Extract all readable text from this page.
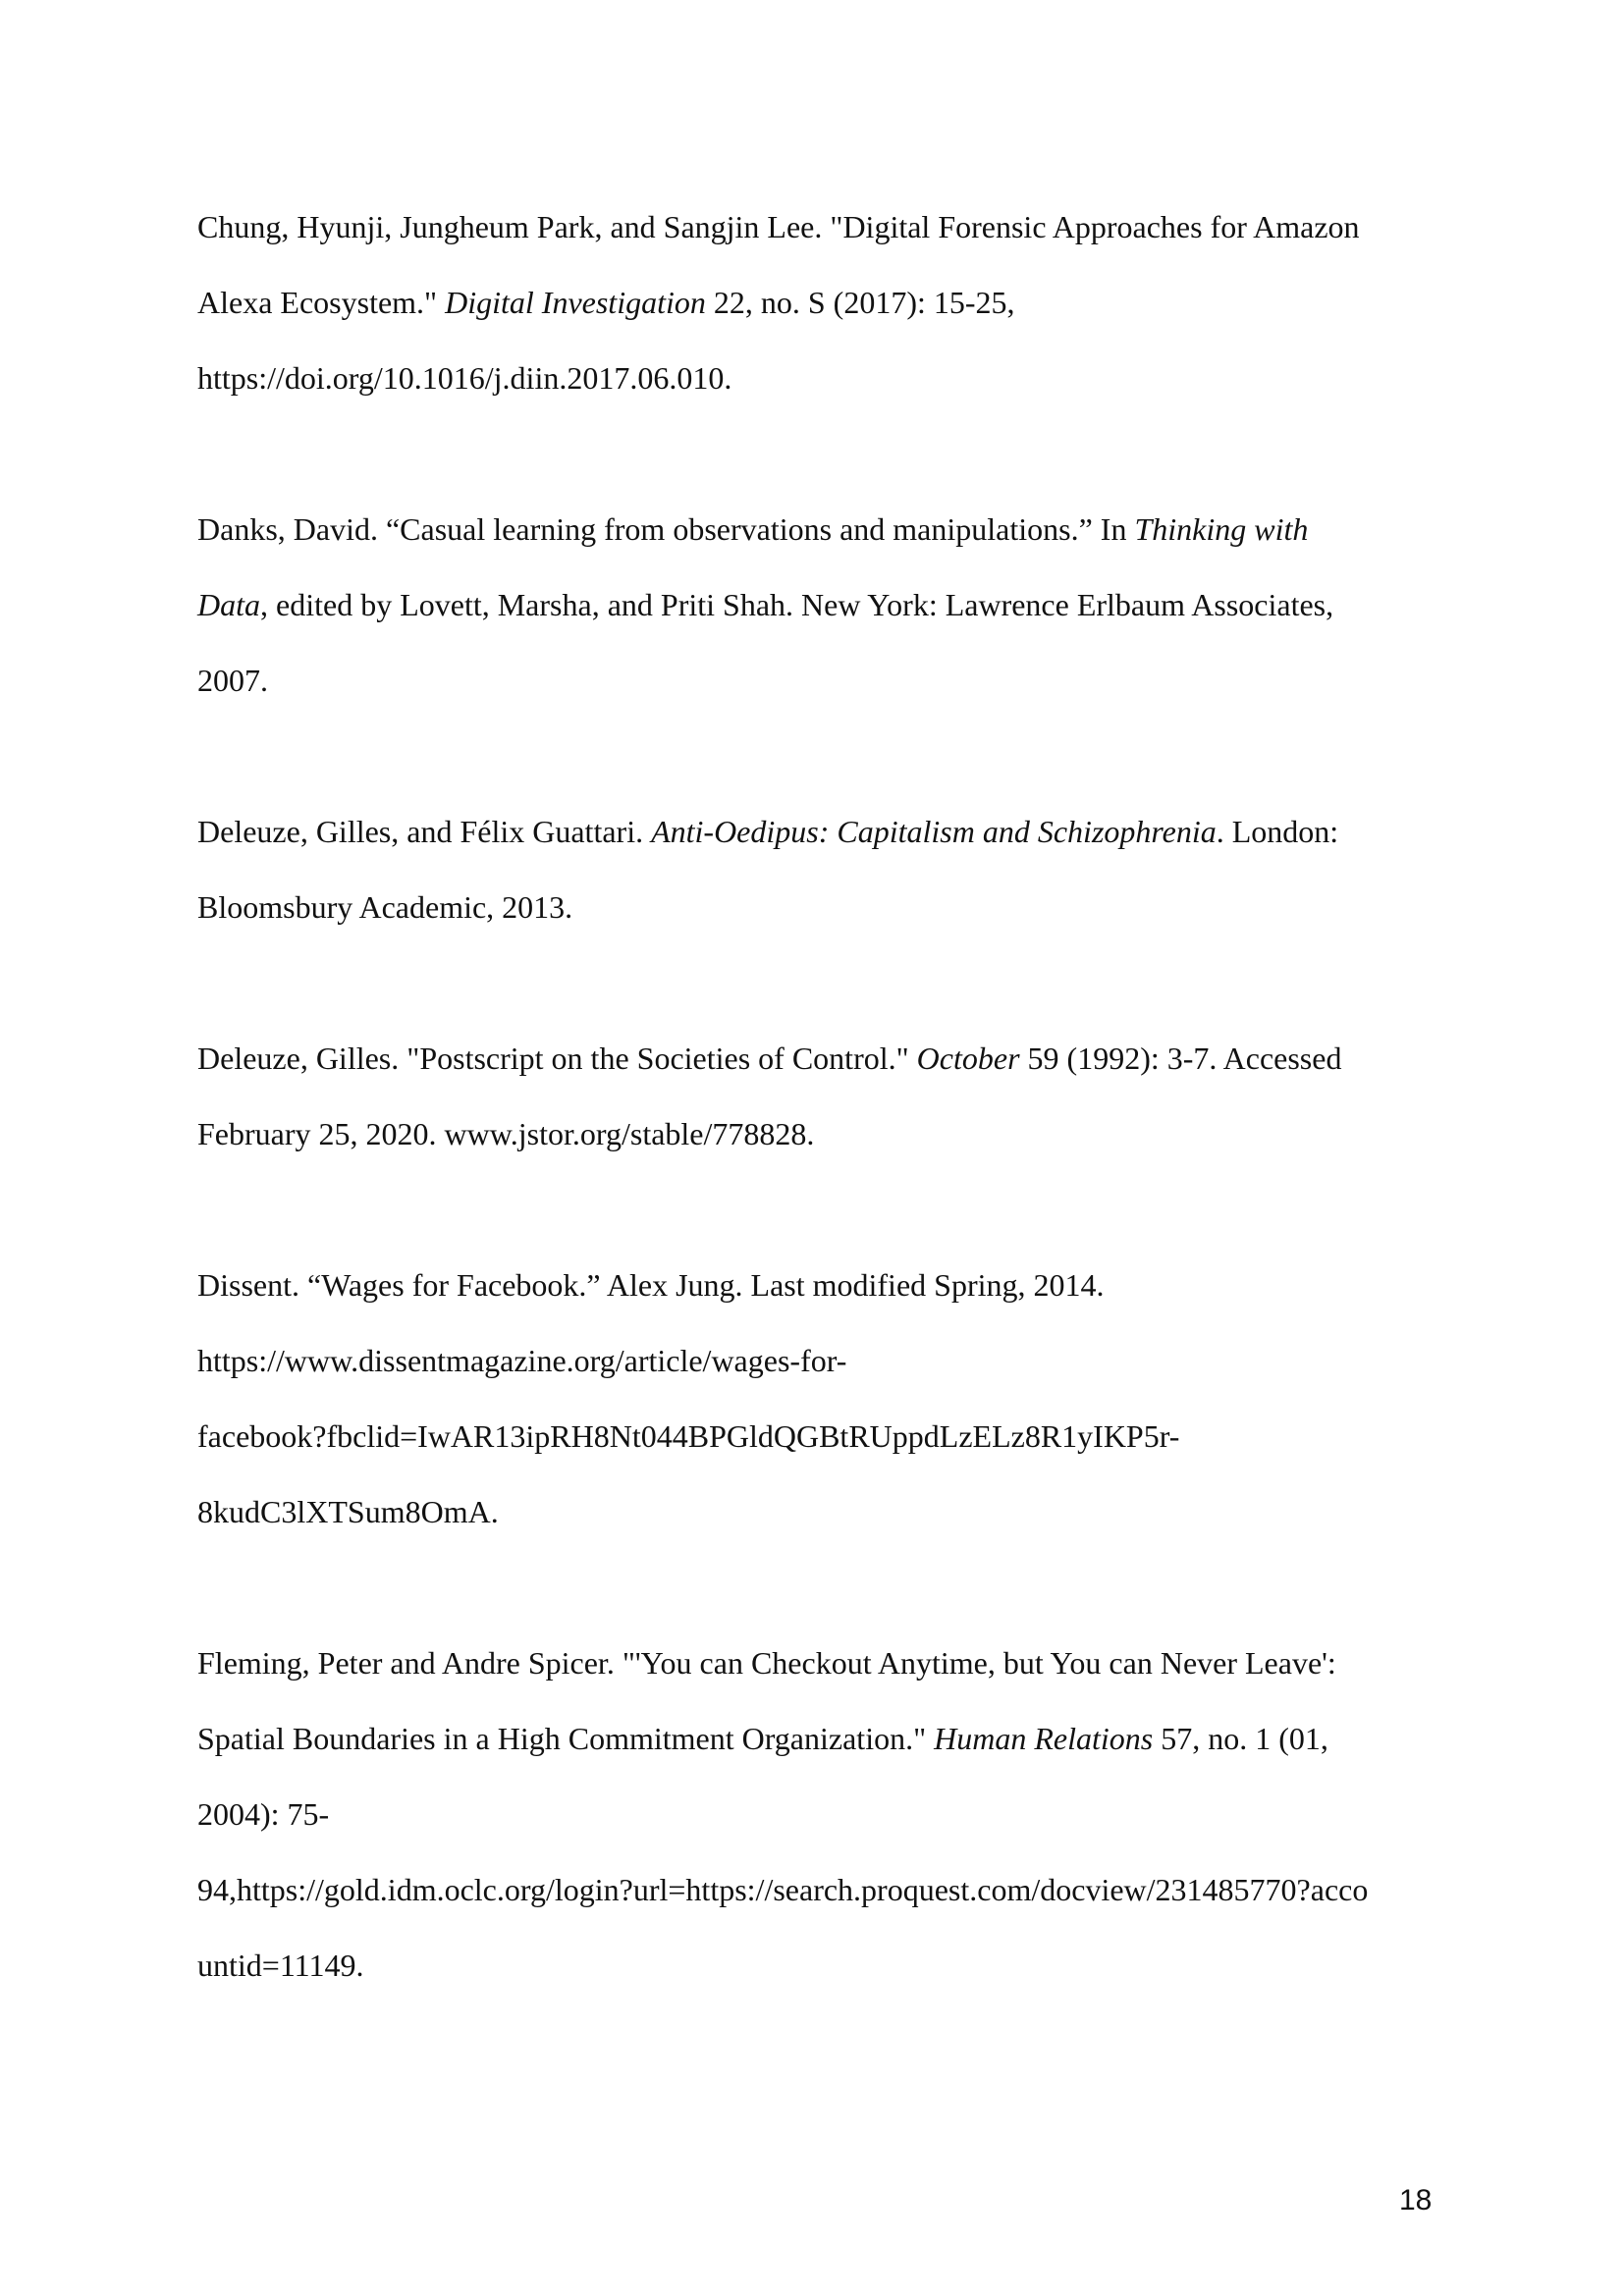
Chung, Hyunji, Jungheum Park, and Sangjin Lee. "Digital Forensic Approaches for Amazon
Alexa Ecosystem." Digital Investigation 22, no. S (2017): 15-25,
https://doi.org/10.1016/j.diin.2017.06.010.
Danks, David. “Casual learning from observations and manipulations.” In Thinking with
Data, edited by Lovett, Marsha, and Priti Shah. New York: Lawrence Erlbaum Associates,
2007.
Deleuze, Gilles, and Félix Guattari. Anti-Oedipus: Capitalism and Schizophrenia. London:
Bloomsbury Academic, 2013.
Deleuze, Gilles. "Postscript on the Societies of Control." October 59 (1992): 3-7. Accessed
February 25, 2020. www.jstor.org/stable/778828.
Dissent. “Wages for Facebook.” Alex Jung. Last modified Spring, 2014.
https://www.dissentmagazine.org/article/wages-for-
facebook?fbclid=IwAR13ipRH8Nt044BPGldQGBtRUppdLzELz8R1yIKP5r-
8kudC3lXTSum8OmA.
Fleming, Peter and Andre Spicer. "'You can Checkout Anytime, but You can Never Leave':
Spatial Boundaries in a High Commitment Organization." Human Relations 57, no. 1 (01,
2004): 75-
94,https://gold.idm.oclc.org/login?url=https://search.proquest.com/docview/231485770?acco
untid=11149.
18
